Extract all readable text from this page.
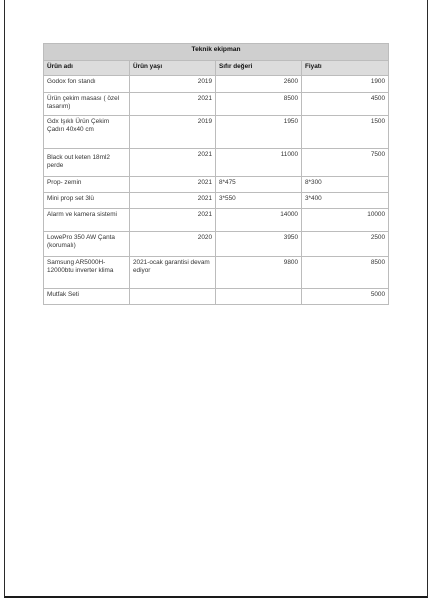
Teknik ekipman			
Ürün adı	Ürün yaşı	Sıfır değeri	Fiyatı
Godox fon standı	2019	2600	1900
Ürün çekim masası ( özel tasarım)	2021	8500	4500
Gdx Işıklı Ürün Çekim Çadırı 40x40 cm	2019	1950	1500
Black out keten 18ml2 perde	2021	11000	7500
Prop- zemin	2021	8*475	8*300
Mini prop set 3lü	2021	3*550	3*400
Alarm ve kamera sistemi	2021	14000	10000
LowePro 350 AW Çanta (korumalı)	2020	3950	2500
Samsung AR5000H-12000btu inverter klima	2021-ocak garantisi devam ediyor	9800	8500
Mutfak Seti			5000
